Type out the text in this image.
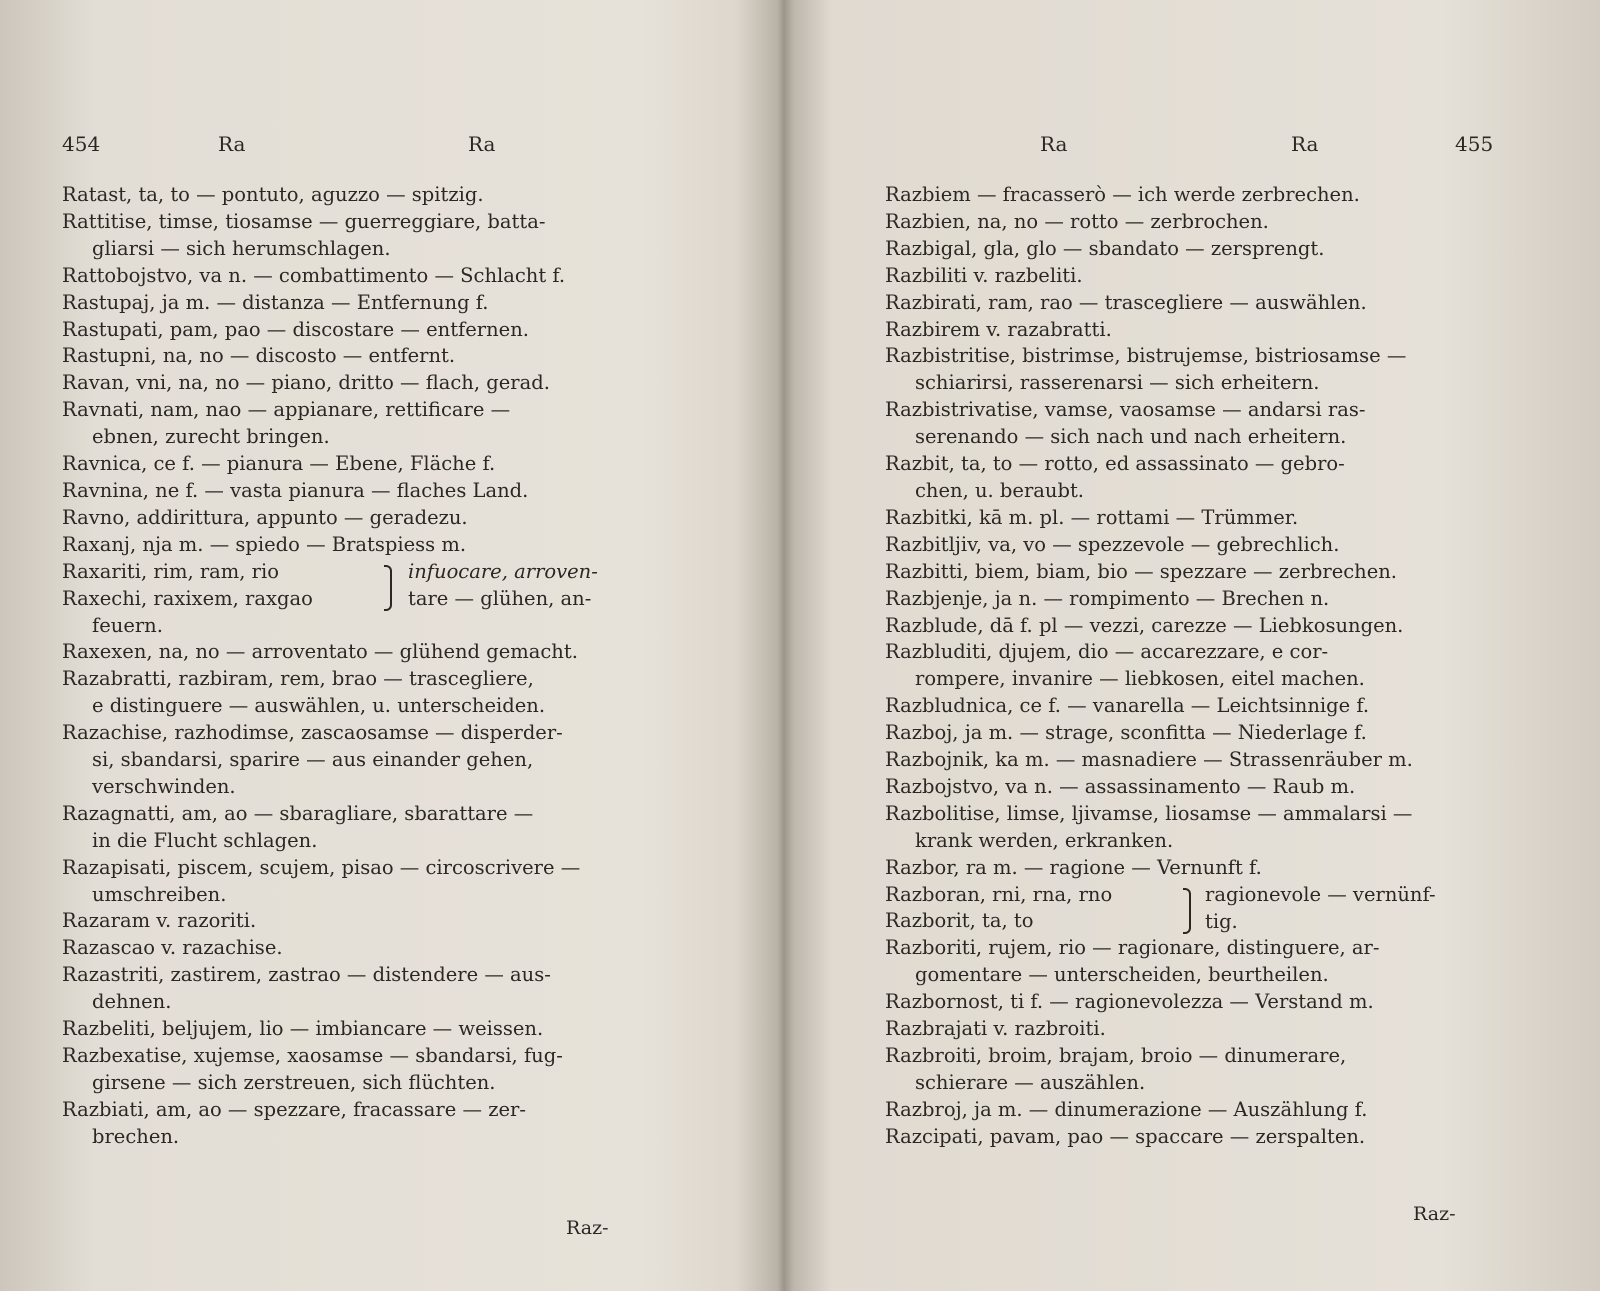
454	Ra	Ra
Ratast, ta, to — pontuto, aguzzo — spitzig.
Rattitise, timse, tiosamse — guerreggiare, batta-
gliarsi — sich herumschlagen.
Rattobojstvo, va n. — combattimento — Schlacht f.
Rastupaj, ja m. — distanza — Entfernung f.
Rastupati, pam, pao — discostare — entfernen.
Rastupni, na, no — discosto — entfernt.
Ravan, vni, na, no — piano, dritto — flach, gerad.
Ravnati, nam, nao — appianare, rettificare —
ebnen, zurecht bringen.
Ravnica, ce f. — pianura — Ebene, Fläche f.
Ravnina, ne f. — vasta pianura — flaches Land.
Ravno, addirittura, appunto — geradezu.
Raxanj, nja m. — spiedo — Bratspiess m.
Raxariti, rim, ram, rio
Raxechi, raxixem, raxgao
infuocare, arroven-
tare — glühen, an-
feuern.
Raxexen, na, no — arroventato — glühend gemacht.
Razabratti, razbiram, rem, brao — trascegliere,
e distinguere — auswählen, u. unterscheiden.
Razachise, razhodimse, zascaosamse — disperder-
si, sbandarsi, sparire — aus einander gehen,
verschwinden.
Razagnatti, am, ao — sbaragliare, sbarattare —
in die Flucht schlagen.
Razapisati, piscem, scujem, pisao — circoscrivere —
umschreiben.
Razaram v. razoriti.
Razascao v. razachise.
Razastriti, zastirem, zastrao — distendere — aus-
dehnen.
Razbeliti, beljujem, lio — imbiancare — weissen.
Razbexatise, xujemse, xaosamse — sbandarsi, fug-
girsene — sich zerstreuen, sich flüchten.
Razbiati, am, ao — spezzare, fracassare — zer-
brechen.
Raz-
Ra	Ra	455
Razbiem — fracasserò — ich werde zerbrechen.
Razbien, na, no — rotto — zerbrochen.
Razbigal, gla, glo — sbandato — zersprengt.
Razbiliti v. razbeliti.
Razbirati, ram, rao — trascegliere — auswählen.
Razbirem v. razabratti.
Razbistritise, bistrimse, bistrujemse, bistriosamse —
schiarirsi, rasserenarsi — sich erheitern.
Razbistrivatise, vamse, vaosamse — andarsi ras-
serenando — sich nach und nach erheitern.
Razbit, ta, to — rotto, ed assassinato — gebro-
chen, u. beraubt.
Razbitki, kā m. pl. — rottami — Trümmer.
Razbitljiv, va, vo — spezzevole — gebrechlich.
Razbitti, biem, biam, bio — spezzare — zerbrechen.
Razbjenje, ja n. — rompimento — Brechen n.
Razblude, dā f. pl — vezzi, carezze — Liebkosungen.
Razbluditi, djujem, dio — accarezzare, e cor-
rompere, invanire — liebkosen, eitel machen.
Razbludnica, ce f. — vanarella — Leichtsinnige f.
Razboj, ja m. — strage, sconfitta — Niederlage f.
Razbojnik, ka m. — masnadiere — Strassenräuber m.
Razbojstvo, va n. — assassinamento — Raub m.
Razbolitise, limse, ljivamse, liosamse — ammalarsi —
krank werden, erkranken.
Razbor, ra m. — ragione — Vernunft f.
Razboran, rni, rna, rno
Razborit, ta, to
ragionevole — vernünf-
tig.
Razboriti, rujem, rio — ragionare, distinguere, ar-
gomentare — unterscheiden, beurtheilen.
Razbornost, ti f. — ragionevolezza — Verstand m.
Razbrajati v. razbroiti.
Razbroiti, broim, brajam, broio — dinumerare,
schierare — auszählen.
Razbroj, ja m. — dinumerazione — Auszählung f.
Razcipati, pavam, pao — spaccare — zerspalten.
Raz-
